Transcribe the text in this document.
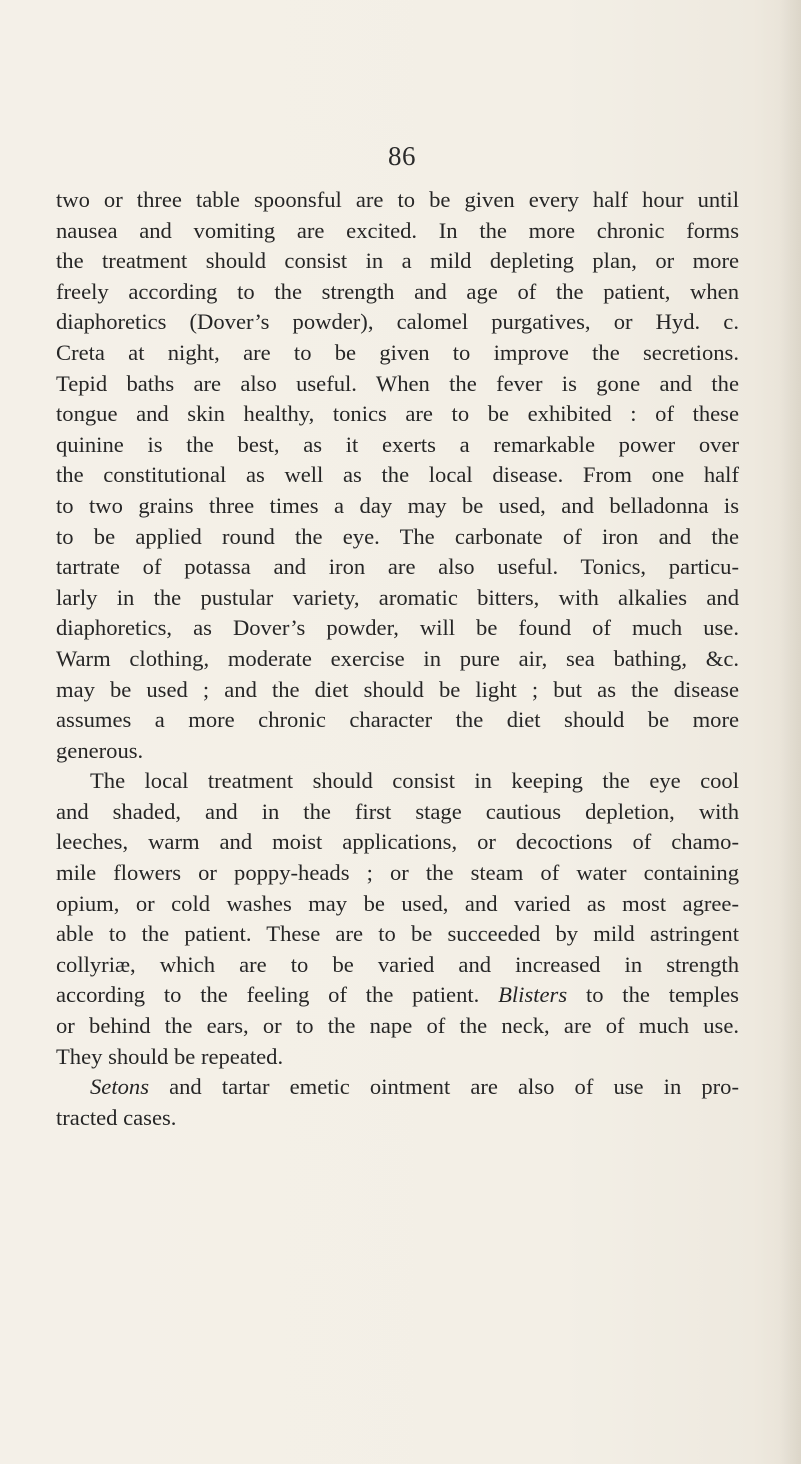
86
two or three table spoonsful are to be given every half hour until
nausea and vomiting are excited. In the more chronic forms
the treatment should consist in a mild depleting plan, or more
freely according to the strength and age of the patient, when
diaphoretics (Dover’s powder), calomel purgatives, or Hyd. c.
Creta at night, are to be given to improve the secretions.
Tepid baths are also useful. When the fever is gone and the
tongue and skin healthy, tonics are to be exhibited : of these
quinine is the best, as it exerts a remarkable power over
the constitutional as well as the local disease. From one half
to two grains three times a day may be used, and belladonna is
to be applied round the eye. The carbonate of iron and the
tartrate of potassa and iron are also useful. Tonics, particu-
larly in the pustular variety, aromatic bitters, with alkalies and
diaphoretics, as Dover’s powder, will be found of much use.
Warm clothing, moderate exercise in pure air, sea bathing, &c.
may be used ; and the diet should be light ; but as the disease
assumes a more chronic character the diet should be more
generous.
The local treatment should consist in keeping the eye cool
and shaded, and in the first stage cautious depletion, with
leeches, warm and moist applications, or decoctions of chamo-
mile flowers or poppy-heads ; or the steam of water containing
opium, or cold washes may be used, and varied as most agree-
able to the patient. These are to be succeeded by mild astringent
collyriæ, which are to be varied and increased in strength
according to the feeling of the patient. Blisters to the temples
or behind the ears, or to the nape of the neck, are of much use.
They should be repeated.
Setons and tartar emetic ointment are also of use in pro-
tracted cases.
